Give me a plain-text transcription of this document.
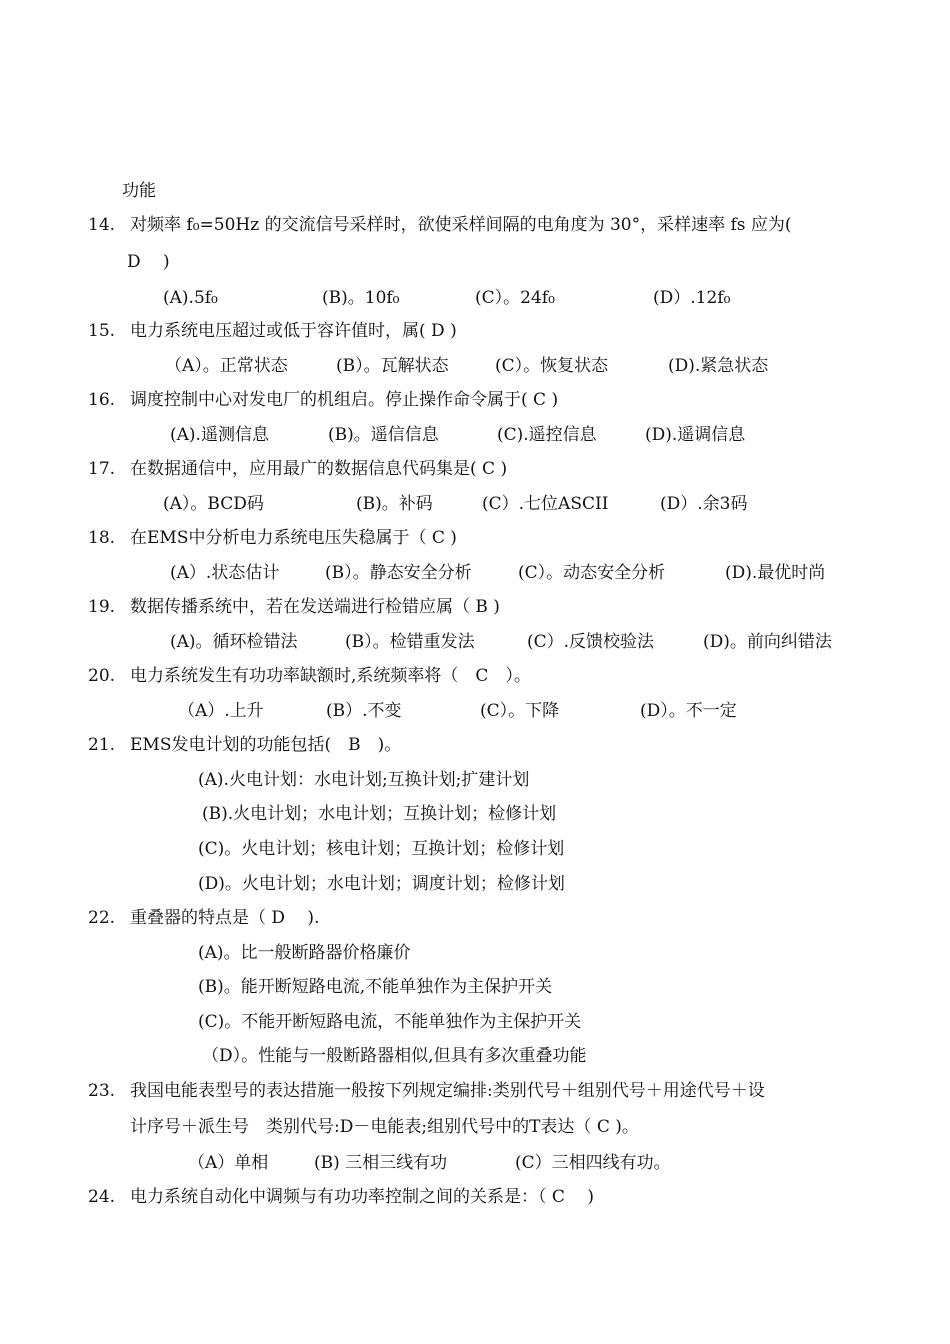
功能
14. 对频率 f₀=50Hz 的交流信号采样时，欲使采样间隔的电角度为 30°，采样速率 fs 应为(
D　 )
(A).5f₀	(B)。10f₀	(C）。24f₀	(D）.12f₀
15. 电力系统电压超过或低于容许值时，属( D )
（A）。正常状态	(B）。瓦解状态	(C）。恢复状态	(D).紧急状态
16. 调度控制中心对发电厂的机组启。停止操作命令属于( C )
(A).遥测信息	(B)。遥信信息	(C).遥控信息	(D).遥调信息
17. 在数据通信中，应用最广的数据信息代码集是( C )
(A）。BCD码	(B)。补码	(C）.七位ASCII	(D）.余3码
18. 在EMS中分析电力系统电压失稳属于（ C )
(A）.状态估计	(B）。静态安全分析	(C）。动态安全分析	(D).最优时尚
19. 数据传播系统中，若在发送端进行检错应属（ B )
(A)。循环检错法	(B）。检错重发法	(C）.反馈校验法	(D)。前向纠错法
20. 电力系统发生有功功率缺额时,系统频率将（　C　）。
（A）.上升	(B）.不变	(C）。下降	(D）。不一定
21. EMS发电计划的功能包括(　B　)。
(A).火电计划：水电计划;互换计划;扩建计划
(B).火电计划；水电计划；互换计划；检修计划
(C)。火电计划；核电计划；互换计划；检修计划
(D)。火电计划；水电计划；调度计划；检修计划
22. 重叠器的特点是（ D　 ).
(A)。比一般断路器价格廉价
(B)。能开断短路电流,不能单独作为主保护开关
(C)。不能开断短路电流，不能单独作为主保护开关
（D）。性能与一般断路器相似,但具有多次重叠功能
23. 我国电能表型号的表达措施一般按下列规定编排:类别代号＋组别代号＋用途代号＋设
计序号＋派生号　类别代号:D－电能表;组别代号中的T表达（ C )。
（A）单相	(B) 三相三线有功	(C）三相四线有功。
24. 电力系统自动化中调频与有功功率控制之间的关系是：（ C　 )
